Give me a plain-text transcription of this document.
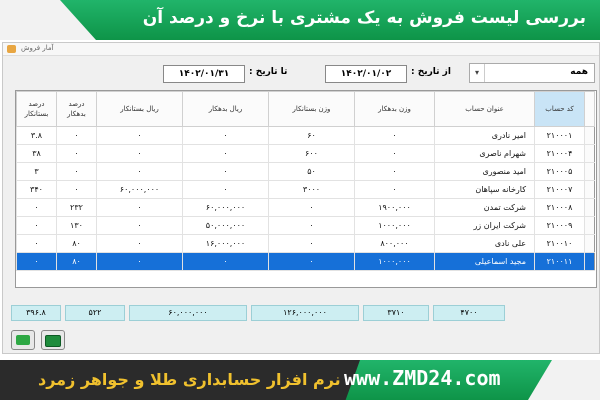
بررسی لیست فروش به یک مشتری با نرخ و درصد آن
آمار فروش
▾	همه
از تاریخ :
۱۴۰۲/۰۱/۰۲
تا تاریخ :
۱۴۰۲/۰۱/۳۱
درصد بستانکار	درصد بدهکار	ریال بستانکار	ریال بدهکار	وزن بستانکار	وزن بدهکار	عنوان حساب	کد حساب	
۳.۸	۰	۰	۰	۶۰	۰	امیر نادری	۲۱۰۰۰۱	
۳۸	۰	۰	۰	۶۰۰	۰	شهرام ناصری	۲۱۰۰۰۴	
۳	۰	۰	۰	۵۰	۰	امید منصوری	۲۱۰۰۰۵	
۳۴۰	۰	۶۰,۰۰۰,۰۰۰	۰	۳۰۰۰	۰	کارخانه سپاهان	۲۱۰۰۰۷	
۰	۲۳۲	۰	۶۰,۰۰۰,۰۰۰	۰	۱۹۰۰,۰۰۰	شرکت تمدن	۲۱۰۰۰۸	
۰	۱۳۰	۰	۵۰,۰۰۰,۰۰۰	۰	۱۰۰۰,۰۰۰	شرکت ایران زر	۲۱۰۰۰۹	
۰	۸۰	۰	۱۶,۰۰۰,۰۰۰	۰	۸۰۰,۰۰۰	علی نادی	۲۱۰۰۱۰	
۰	۸۰	۰	۰	۰	۱۰۰۰,۰۰۰	مجید اسماعیلی	۲۱۰۰۱۱	
۳۹۶.۸	۵۲۲	۶۰,۰۰۰,۰۰۰	۱۲۶,۰۰۰,۰۰۰	۳۷۱۰	۴۷۰۰
نرم افزار حسابداری طلا و جواهر زمرد www.ZMD24.com
